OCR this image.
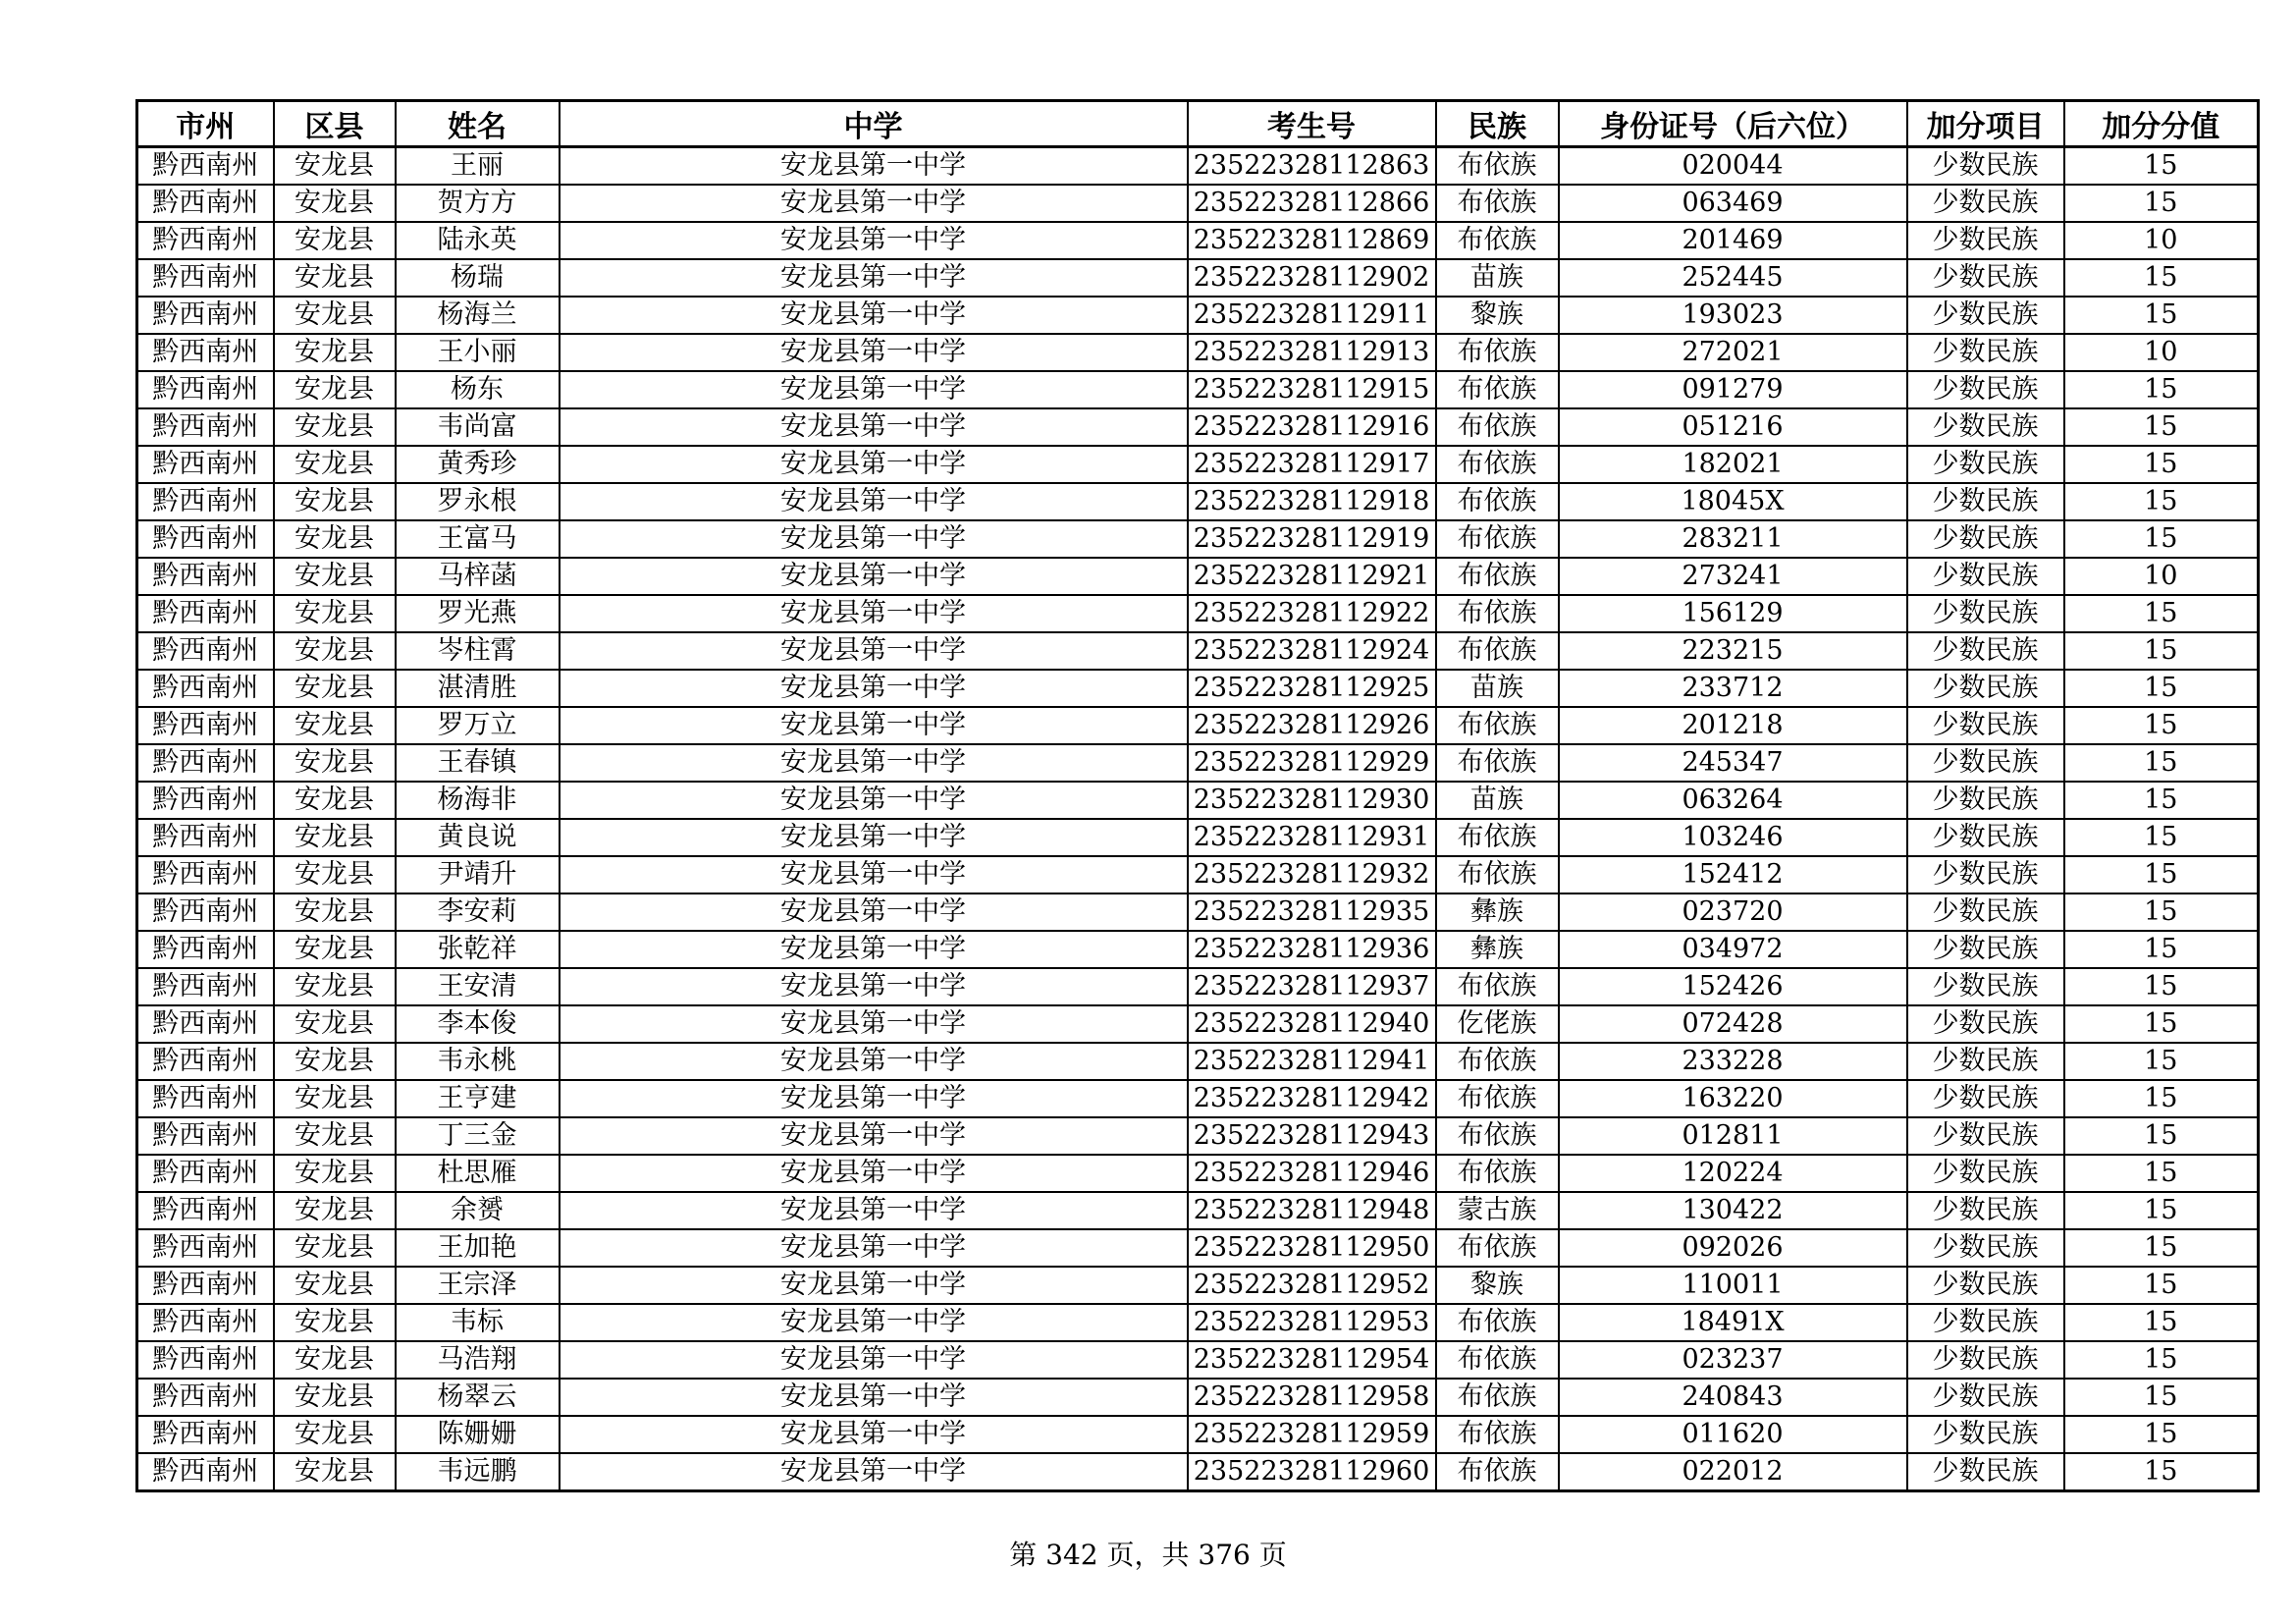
市州	区县	姓名	中学	考生号	民族	身份证号（后六位）	加分项目	加分分值
黔西南州	安龙县	王丽	安龙县第一中学	23522328112863	布依族	020044	少数民族	15
黔西南州	安龙县	贺方方	安龙县第一中学	23522328112866	布依族	063469	少数民族	15
黔西南州	安龙县	陆永英	安龙县第一中学	23522328112869	布依族	201469	少数民族	10
黔西南州	安龙县	杨瑞	安龙县第一中学	23522328112902	苗族	252445	少数民族	15
黔西南州	安龙县	杨海兰	安龙县第一中学	23522328112911	黎族	193023	少数民族	15
黔西南州	安龙县	王小丽	安龙县第一中学	23522328112913	布依族	272021	少数民族	10
黔西南州	安龙县	杨东	安龙县第一中学	23522328112915	布依族	091279	少数民族	15
黔西南州	安龙县	韦尚富	安龙县第一中学	23522328112916	布依族	051216	少数民族	15
黔西南州	安龙县	黄秀珍	安龙县第一中学	23522328112917	布依族	182021	少数民族	15
黔西南州	安龙县	罗永根	安龙县第一中学	23522328112918	布依族	18045X	少数民族	15
黔西南州	安龙县	王富马	安龙县第一中学	23522328112919	布依族	283211	少数民族	15
黔西南州	安龙县	马梓菡	安龙县第一中学	23522328112921	布依族	273241	少数民族	10
黔西南州	安龙县	罗光燕	安龙县第一中学	23522328112922	布依族	156129	少数民族	15
黔西南州	安龙县	岑柱霄	安龙县第一中学	23522328112924	布依族	223215	少数民族	15
黔西南州	安龙县	湛清胜	安龙县第一中学	23522328112925	苗族	233712	少数民族	15
黔西南州	安龙县	罗万立	安龙县第一中学	23522328112926	布依族	201218	少数民族	15
黔西南州	安龙县	王春镇	安龙县第一中学	23522328112929	布依族	245347	少数民族	15
黔西南州	安龙县	杨海非	安龙县第一中学	23522328112930	苗族	063264	少数民族	15
黔西南州	安龙县	黄良说	安龙县第一中学	23522328112931	布依族	103246	少数民族	15
黔西南州	安龙县	尹靖升	安龙县第一中学	23522328112932	布依族	152412	少数民族	15
黔西南州	安龙县	李安莉	安龙县第一中学	23522328112935	彝族	023720	少数民族	15
黔西南州	安龙县	张乾祥	安龙县第一中学	23522328112936	彝族	034972	少数民族	15
黔西南州	安龙县	王安清	安龙县第一中学	23522328112937	布依族	152426	少数民族	15
黔西南州	安龙县	李本俊	安龙县第一中学	23522328112940	仡佬族	072428	少数民族	15
黔西南州	安龙县	韦永桃	安龙县第一中学	23522328112941	布依族	233228	少数民族	15
黔西南州	安龙县	王亨建	安龙县第一中学	23522328112942	布依族	163220	少数民族	15
黔西南州	安龙县	丁三金	安龙县第一中学	23522328112943	布依族	012811	少数民族	15
黔西南州	安龙县	杜思雁	安龙县第一中学	23522328112946	布依族	120224	少数民族	15
黔西南州	安龙县	余赟	安龙县第一中学	23522328112948	蒙古族	130422	少数民族	15
黔西南州	安龙县	王加艳	安龙县第一中学	23522328112950	布依族	092026	少数民族	15
黔西南州	安龙县	王宗泽	安龙县第一中学	23522328112952	黎族	110011	少数民族	15
黔西南州	安龙县	韦标	安龙县第一中学	23522328112953	布依族	18491X	少数民族	15
黔西南州	安龙县	马浩翔	安龙县第一中学	23522328112954	布依族	023237	少数民族	15
黔西南州	安龙县	杨翠云	安龙县第一中学	23522328112958	布依族	240843	少数民族	15
黔西南州	安龙县	陈姗姗	安龙县第一中学	23522328112959	布依族	011620	少数民族	15
黔西南州	安龙县	韦远鹏	安龙县第一中学	23522328112960	布依族	022012	少数民族	15
第 342 页，共 376 页
